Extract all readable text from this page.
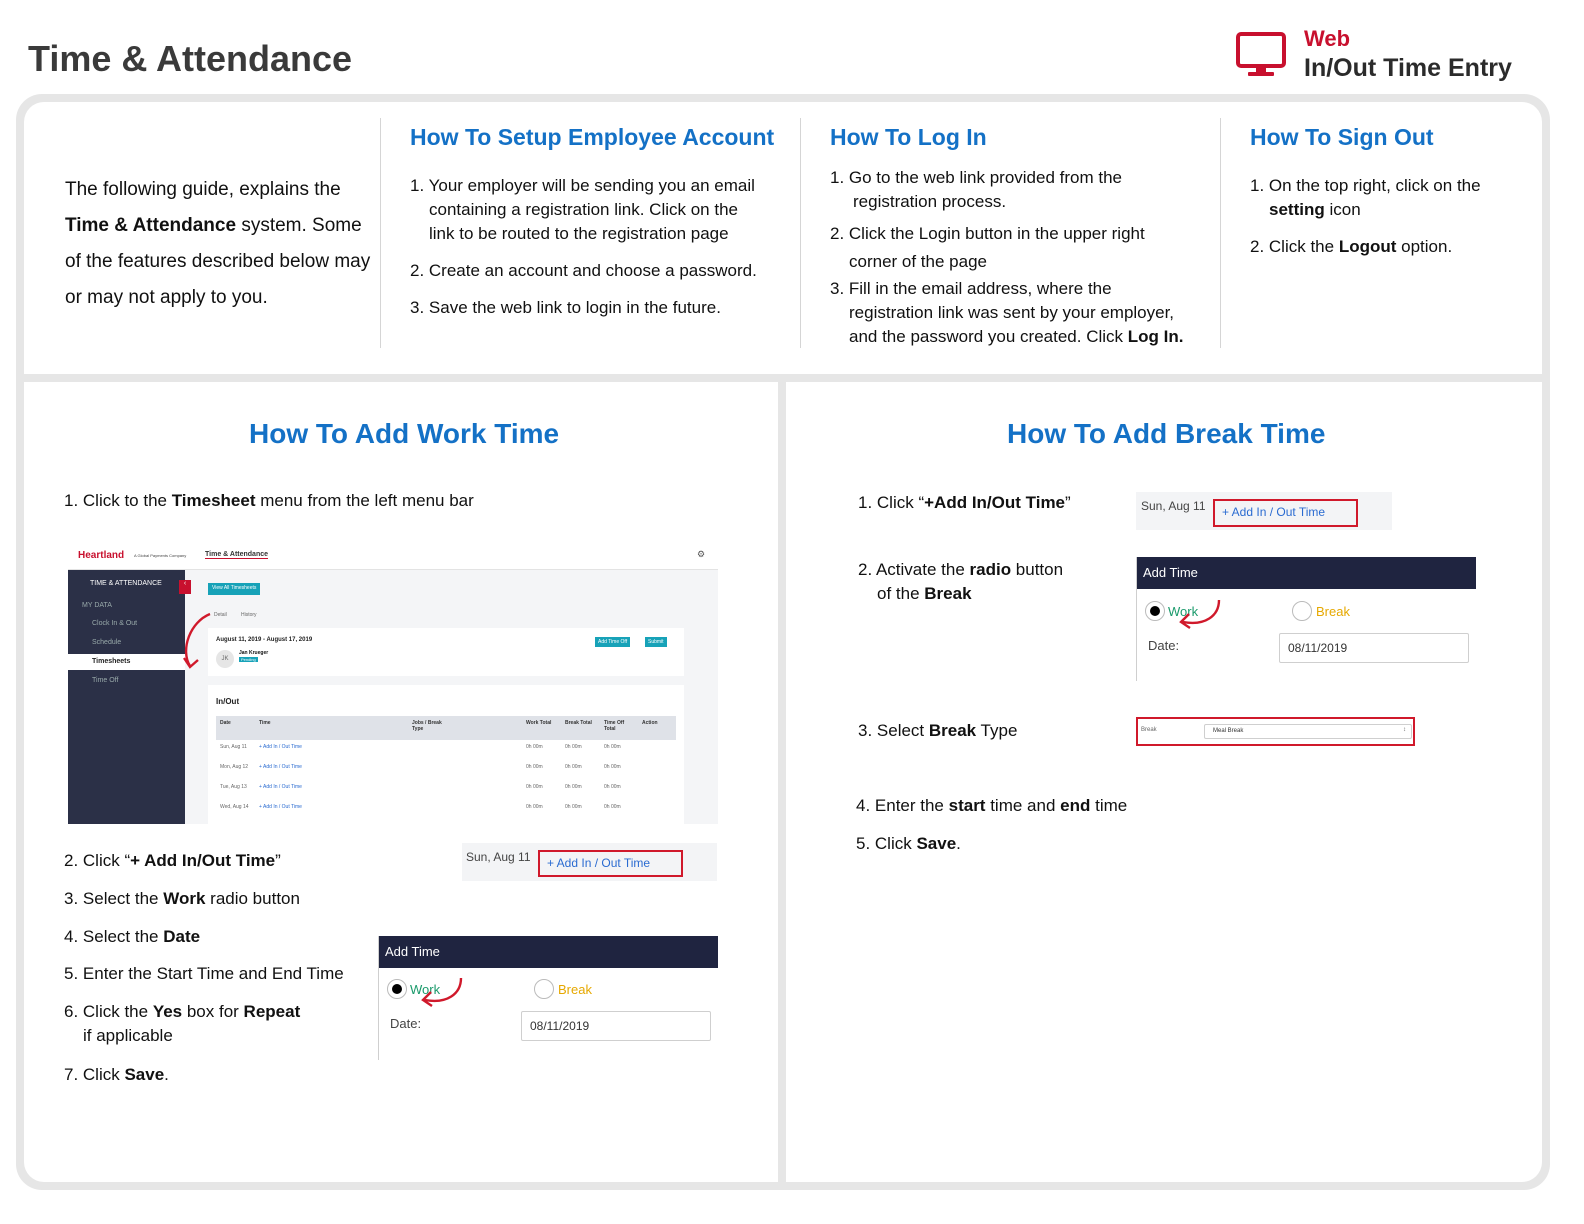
Time & Attendance	Web
In/Out Time Entry
The following guide, explains the Time & Attendance system. Some of the features described below may or may not apply to you.
How To Setup Employee Account
1. Your employer will be sending you an email
containing a registration link. Click on the
link to be routed to the registration page
2. Create an account and choose a password.
3. Save the web link to login in the future.
How To Log In
1. Go to the web link provided from the
registration process.
2. Click the Login button in the upper right
corner of the page
3. Fill in the email address, where the
registration link was sent by your employer,
and the password you created. Click Log In.
How To Sign Out
1. On the top right, click on the
setting icon
2. Click the Logout option.
How To Add Work Time
1. Click to the Timesheet menu from the left menu bar
Heartland A Global Payments Company	Time & Attendance	⚙
TIME & ATTENDANCE	‹
MY DATA
Clock In & Out
Schedule
Timesheets
Time Off
View All Timesheets
Detail	History
August 11, 2019 - August 17, 2019
JK
Jan Krueger
Pending
Add Time Off	Submit
In/Out
Date	Time	Jobs / Break Type
Work Total	Break Total	Time Off Total
Action
Sun, Aug 11 + Add In / Out Time	0h 00m	0h 00m	0h 00m
Mon, Aug 12 + Add In / Out Time	0h 00m	0h 00m	0h 00m
Tue, Aug 13 + Add In / Out Time	0h 00m	0h 00m	0h 00m
Wed, Aug 14 + Add In / Out Time	0h 00m	0h 00m	0h 00m
2. Click “+ Add In/Out Time”
3. Select the Work radio button
4. Select the Date
5. Enter the Start Time and End Time
6. Click the Yes box for Repeat
if applicable
7. Click Save.
Sun, Aug 11 + Add In / Out Time
Add Time
Work	Break
Date:	08/11/2019
How To Add Break Time
1. Click “+Add In/Out Time”
2. Activate the radio button
of the Break
3. Select Break Type
4. Enter the start time and end time
5. Click Save.
Sun, Aug 11 + Add In / Out Time
Add Time
Work	Break
Date:	08/11/2019
Break	Meal Break	↕
